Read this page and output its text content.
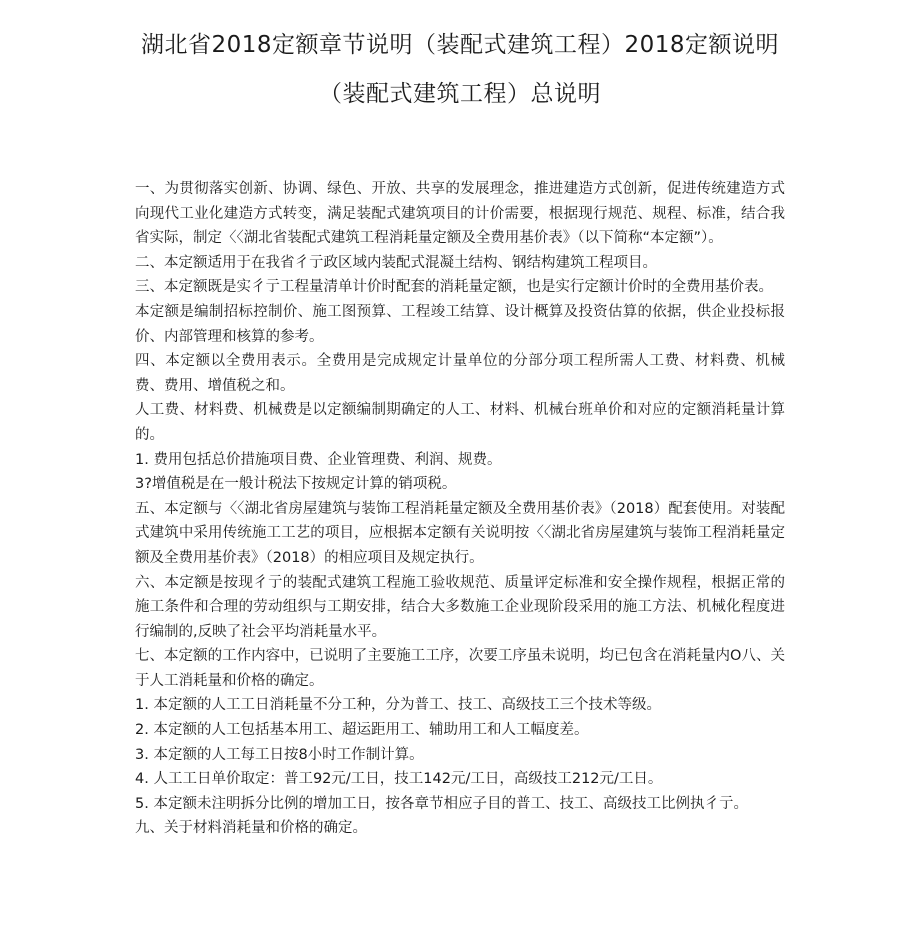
湖北省2018定额章节说明（装配式建筑工程）2018定额说明
（装配式建筑工程）总说明

一、为贯彻落实创新、协调、绿色、开放、共享的发展理念，推进建造方式创新，促进传统建造方式向现代工业化建造方式转变，满足装配式建筑项目的计价需要，根据现行规范、规程、标准，结合我省实际，制定〈〈湖北省装配式建筑工程消耗量定额及全费用基价表》（以下简称“本定额”）。

二、本定额适用于在我省彳亍政区域内装配式混凝土结构、钢结构建筑工程项目。

三、本定额既是实彳亍工程量清单计价时配套的消耗量定额，也是实行定额计价时的全费用基价表。

本定额是编制招标控制价、施工图预算、工程竣工结算、设计概算及投资估算的依据，供企业投标报价、内部管理和核算的参考。

四、本定额以全费用表示。全费用是完成规定计量单位的分部分项工程所需人工费、材料费、机械费、费用、增值税之和。

人工费、材料费、机械费是以定额编制期确定的人工、材料、机械台班单价和对应的定额消耗量计算的。

1. 费用包括总价措施项目费、企业管理费、利润、规费。

3?增值税是在一般计税法下按规定计算的销项税。

五、本定额与〈〈湖北省房屋建筑与装饰工程消耗量定额及全费用基价表》（2018）配套使用。对装配式建筑中采用传统施工工艺的项目，应根据本定额有关说明按〈〈湖北省房屋建筑与装饰工程消耗量定额及全费用基价表》（2018）的相应项目及规定执行。

六、本定额是按现彳亍的装配式建筑工程施工验收规范、质量评定标准和安全操作规程，根据正常的施工条件和合理的劳动组织与工期安排，结合大多数施工企业现阶段采用的施工方法、机械化程度进行编制的,反映了社会平均消耗量水平。

七、本定额的工作内容中，已说明了主要施工工序，次要工序虽未说明，均已包含在消耗量内O八、关于人工消耗量和价格的确定。

1. 本定额的人工工日消耗量不分工种，分为普工、技工、高级技工三个技术等级。

2. 本定额的人工包括基本用工、超运距用工、辅助用工和人工幅度差。

3. 本定额的人工每工日按8小时工作制计算。

4. 人工工日单价取定：普工92元/工日，技工142元/工日，高级技工212元/工日。

5. 本定额未注明拆分比例的增加工日，按各章节相应子目的普工、技工、高级技工比例执彳亍。

九、关于材料消耗量和价格的确定。
